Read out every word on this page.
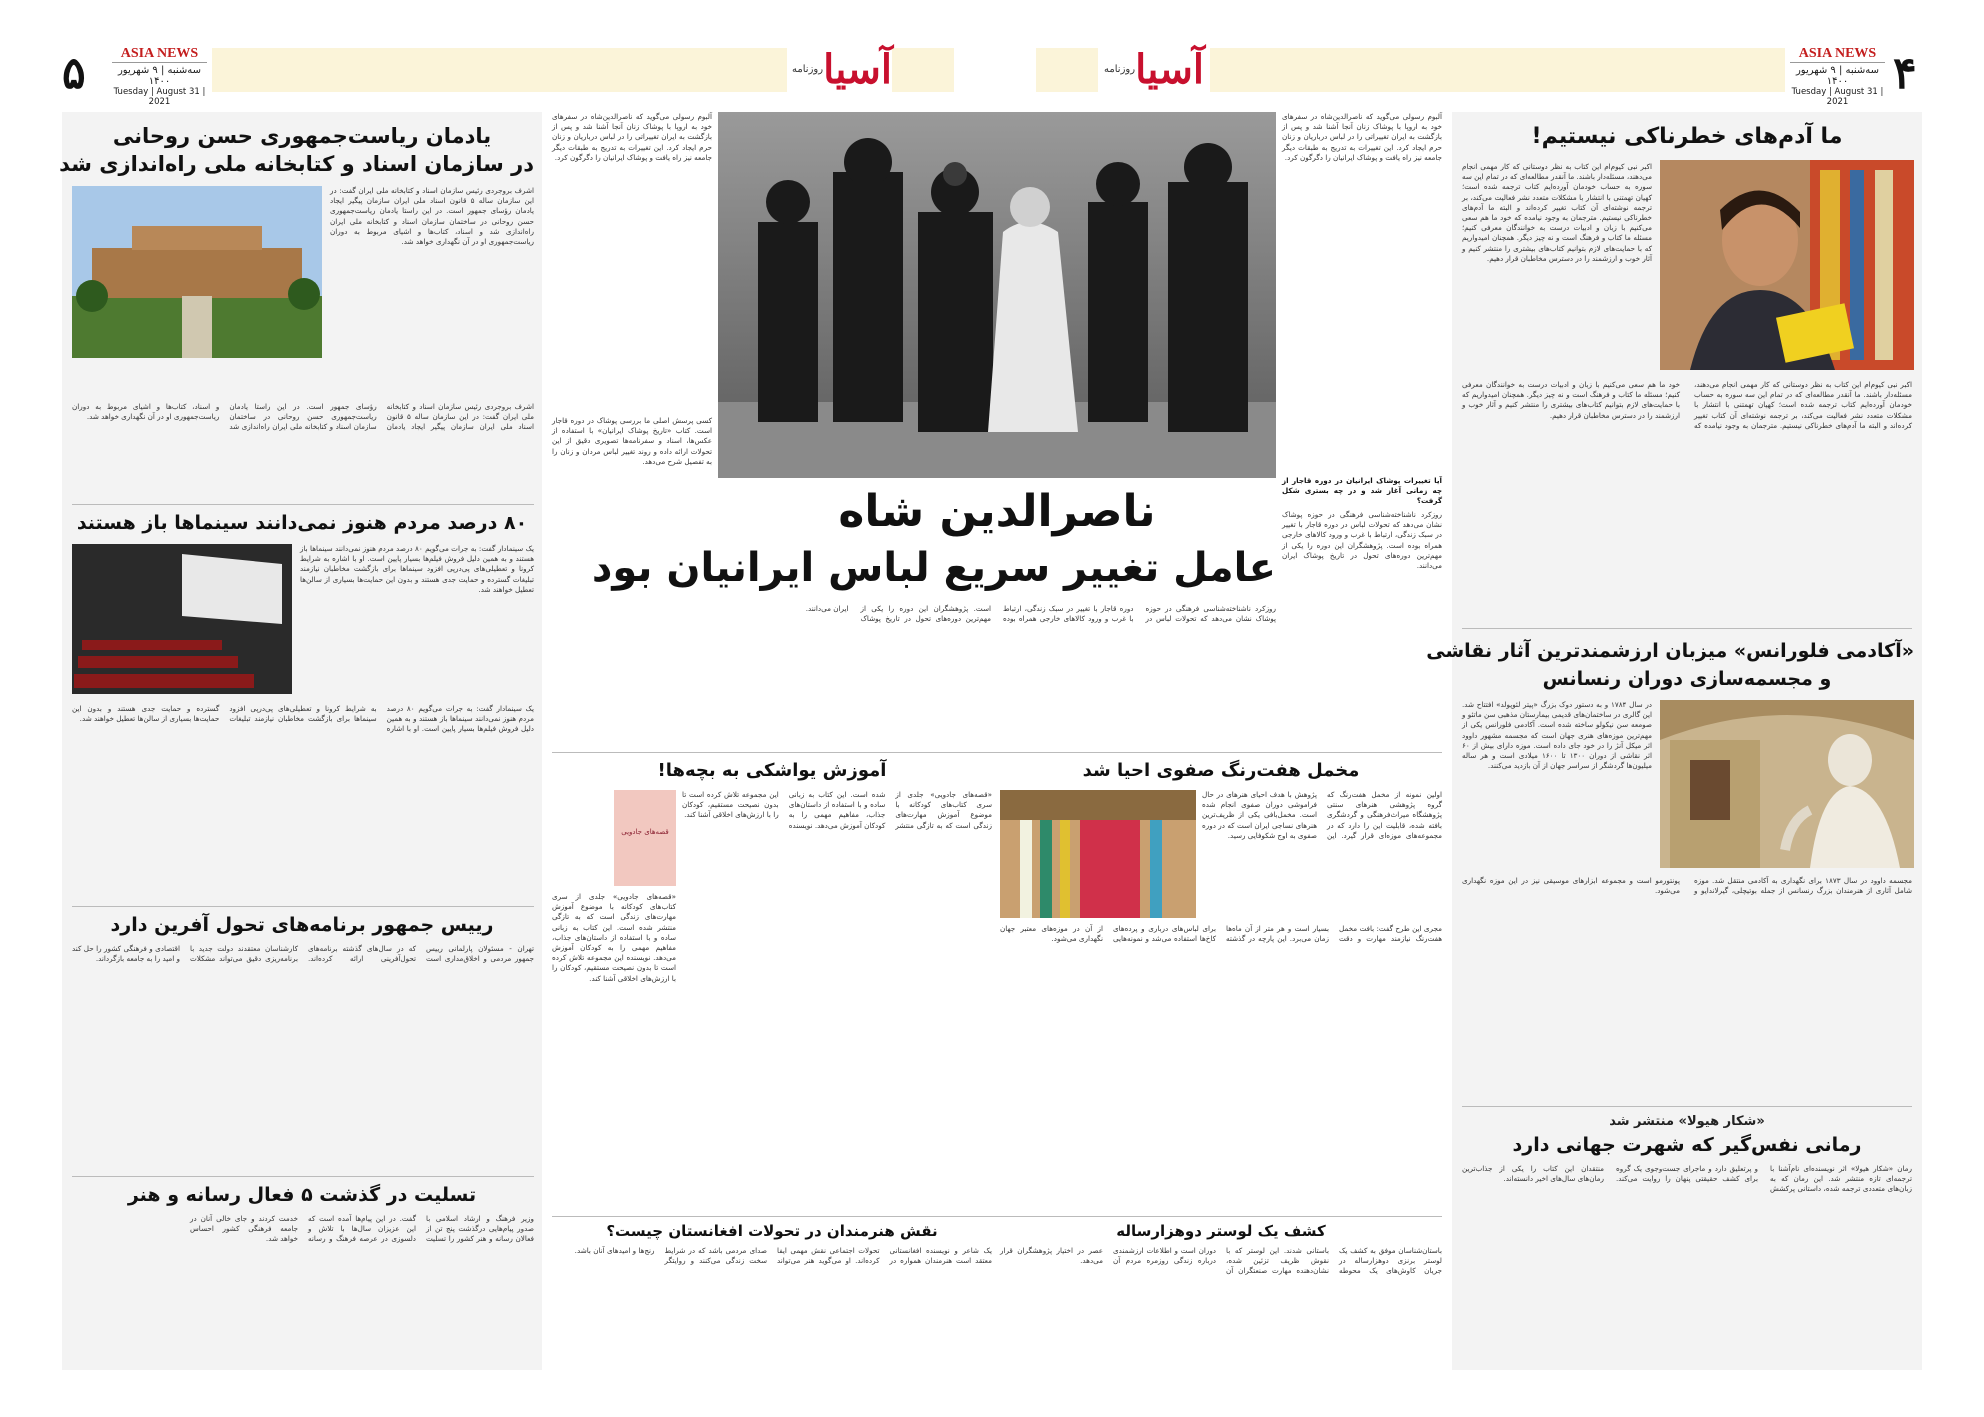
۵	ASIA NEWS
سه‌شنبه | ۹ شهریور ۱۴۰۰
Tuesday | August 31 | 2021
آسیا$^{روزنامه}$	آسیا$^{روزنامه}$
ASIA NEWS
سه‌شنبه | ۹ شهریور ۱۴۰۰
Tuesday | August 31 | 2021
۴
ما آدم‌های خطرناکی نیستیم!
اکبر نبی کیوم‌ام این کتاب به نظر دوستانی که کار مهمی انجام می‌دهند، مسئله‌دار باشند. ما آنقدر مطالعه‌ای که در تمام این سه سوره به حساب خودمان آورده‌ایم کتاب ترجمه شده است؛ کهیان تهمتنی با انتشار با مشکلات متعدد نشر فعالیت می‌کند، بر ترجمه نوشته‌ای آن کتاب تغییر کرده‌اند و البته ما آدم‌های خطرناکی نیستیم. مترجمان به وجود نیامده که خود ما هم سعی می‌کنیم با زبان و ادبیات درست به خوانندگان معرفی کنیم؛ مسئله ما کتاب و فرهنگ است و نه چیز دیگر. همچنان امیدواریم که با حمایت‌های لازم بتوانیم کتاب‌های بیشتری را منتشر کنیم و آثار خوب و ارزشمند را در دسترس مخاطبان قرار دهیم.
اکبر نبی کیوم‌ام این کتاب به نظر دوستانی که کار مهمی انجام می‌دهند، مسئله‌دار باشند. ما آنقدر مطالعه‌ای که در تمام این سه سوره به حساب خودمان آورده‌ایم کتاب ترجمه شده است؛ کهیان تهمتنی با انتشار با مشکلات متعدد نشر فعالیت می‌کند، بر ترجمه نوشته‌ای آن کتاب تغییر کرده‌اند و البته ما آدم‌های خطرناکی نیستیم. مترجمان به وجود نیامده که خود ما هم سعی می‌کنیم با زبان و ادبیات درست به خوانندگان معرفی کنیم؛ مسئله ما کتاب و فرهنگ است و نه چیز دیگر. همچنان امیدواریم که با حمایت‌های لازم بتوانیم کتاب‌های بیشتری را منتشر کنیم و آثار خوب و ارزشمند را در دسترس مخاطبان قرار دهیم.
«آکادمی فلورانس» میزبان ارزشمندترین آثار نقاشی
و مجسمه‌سازی دوران رنسانس
در سال ۱۷۸۴ و به دستور دوک بزرگ «پیتر لئوپولد» افتتاح شد. این گالری در ساختمان‌های قدیمی بیمارستان مذهبی سن ماتئو و صومعه سن نیکولو ساخته شده است. آکادمی فلورانس یکی از مهم‌ترین موزه‌های هنری جهان است که مجسمه مشهور داوود اثر میکل آنژ را در خود جای داده است. موزه دارای بیش از ۶۰ اثر نقاشی از دوران ۱۳۰۰ تا ۱۶۰۰ میلادی است و هر ساله میلیون‌ها گردشگر از سراسر جهان از آن بازدید می‌کنند.
مجسمه داوود در سال ۱۸۷۳ برای نگهداری به آکادمی منتقل شد. موزه شامل آثاری از هنرمندان بزرگ رنسانس از جمله بوتیچلی، گیرلاندایو و پونتورمو است و مجموعه ابزارهای موسیقی نیز در این موزه نگهداری می‌شود.
«شکار هیولا» منتشر شد
رمانی نفس‌گیر که شهرت جهانی دارد
رمان «شکار هیولا» اثر نویسنده‌ای نام‌آشنا با ترجمه‌ای تازه منتشر شد. این رمان که به زبان‌های متعددی ترجمه شده، داستانی پرکشش و پرتعلیق دارد و ماجرای جست‌وجوی یک گروه برای کشف حقیقتی پنهان را روایت می‌کند. منتقدان این کتاب را یکی از جذاب‌ترین رمان‌های سال‌های اخیر دانسته‌اند.
آلبوم رسولی می‌گوید که ناصرالدین‌شاه در سفرهای خود به اروپا با پوشاک زنان آنجا آشنا شد و پس از بازگشت به ایران تغییراتی را در لباس درباریان و زنان حرم ایجاد کرد. این تغییرات به تدریج به طبقات دیگر جامعه نیز راه یافت و پوشاک ایرانیان را دگرگون کرد.
آیا تغییرات پوشاک ایرانیان در دوره قاجار از چه زمانی آغاز شد و در چه بستری شکل گرفت؟
روزکرد ناشناخته‌شناسی فرهنگی در حوزه پوشاک نشان می‌دهد که تحولات لباس در دوره قاجار با تغییر در سبک زندگی، ارتباط با غرب و ورود کالاهای خارجی همراه بوده است. پژوهشگران این دوره را یکی از مهم‌ترین دوره‌های تحول در تاریخ پوشاک ایران می‌دانند.
آلبوم رسولی می‌گوید که ناصرالدین‌شاه در سفرهای خود به اروپا با پوشاک زنان آنجا آشنا شد و پس از بازگشت به ایران تغییراتی را در لباس درباریان و زنان حرم ایجاد کرد. این تغییرات به تدریج به طبقات دیگر جامعه نیز راه یافت و پوشاک ایرانیان را دگرگون کرد.
کسی پرسش اصلی ما بررسی پوشاک در دوره قاجار است. کتاب «تاریخ پوشاک ایرانیان» با استفاده از عکس‌ها، اسناد و سفرنامه‌ها تصویری دقیق از این تحولات ارائه داده و روند تغییر لباس مردان و زنان را به تفصیل شرح می‌دهد.
ناصرالدین شاه
عامل تغییر سریع لباس ایرانیان بود
روزکرد ناشناخته‌شناسی فرهنگی در حوزه پوشاک نشان می‌دهد که تحولات لباس در دوره قاجار با تغییر در سبک زندگی، ارتباط با غرب و ورود کالاهای خارجی همراه بوده است. پژوهشگران این دوره را یکی از مهم‌ترین دوره‌های تحول در تاریخ پوشاک ایران می‌دانند.
مخمل هفت‌رنگ صفوی احیا شد
اولین نمونه از مخمل هفت‌رنگ که گروه پژوهشی هنرهای سنتی پژوهشگاه میراث‌فرهنگی و گردشگری بافته شده، قابلیت این را دارد که در مجموعه‌های موزه‌ای قرار گیرد. این پژوهش با هدف احیای هنرهای در حال فراموشی دوران صفوی انجام شده است. مخمل‌بافی یکی از ظریف‌ترین هنرهای نساجی ایران است که در دوره صفوی به اوج شکوفایی رسید.
مجری این طرح گفت: بافت مخمل هفت‌رنگ نیازمند مهارت و دقت بسیار است و هر متر از آن ماه‌ها زمان می‌برد. این پارچه در گذشته برای لباس‌های درباری و پرده‌های کاخ‌ها استفاده می‌شد و نمونه‌هایی از آن در موزه‌های معتبر جهان نگهداری می‌شود.
آموزش یواشکی به بچه‌ها!
قصه‌های جادویی
«قصه‌های جادویی» جلدی از سری کتاب‌های کودکانه با موضوع آموزش مهارت‌های زندگی است که به تازگی منتشر شده است. این کتاب به زبانی ساده و با استفاده از داستان‌های جذاب، مفاهیم مهمی را به کودکان آموزش می‌دهد. نویسنده این مجموعه تلاش کرده است تا بدون نصیحت مستقیم، کودکان را با ارزش‌های اخلاقی آشنا کند.
«قصه‌های جادویی» جلدی از سری کتاب‌های کودکانه با موضوع آموزش مهارت‌های زندگی است که به تازگی منتشر شده است. این کتاب به زبانی ساده و با استفاده از داستان‌های جذاب، مفاهیم مهمی را به کودکان آموزش می‌دهد. نویسنده این مجموعه تلاش کرده است تا بدون نصیحت مستقیم، کودکان را با ارزش‌های اخلاقی آشنا کند.
کشف یک لوستر دوهزارساله
باستان‌شناسان موفق به کشف یک لوستر برنزی دوهزارساله در جریان کاوش‌های یک محوطه باستانی شدند. این لوستر که با نقوش ظریف تزئین شده، نشان‌دهنده مهارت صنعتگران آن دوران است و اطلاعات ارزشمندی درباره زندگی روزمره مردم آن عصر در اختیار پژوهشگران قرار می‌دهد.
نقش هنرمندان در تحولات افغانستان چیست؟
یک شاعر و نویسنده افغانستانی معتقد است هنرمندان همواره در تحولات اجتماعی نقش مهمی ایفا کرده‌اند. او می‌گوید هنر می‌تواند صدای مردمی باشد که در شرایط سخت زندگی می‌کنند و روایتگر رنج‌ها و امیدهای آنان باشد.
یادمان ریاست‌جمهوری حسن روحانی
در سازمان اسناد و کتابخانه ملی راه‌اندازی شد
اشرف بروجردی رئیس سازمان اسناد و کتابخانه ملی ایران گفت: در این سازمان ساله ۵ قانون اسناد ملی ایران سازمان پیگیر ایجاد یادمان رؤسای جمهور است. در این راستا یادمان ریاست‌جمهوری حسن روحانی در ساختمان سازمان اسناد و کتابخانه ملی ایران راه‌اندازی شد و اسناد، کتاب‌ها و اشیای مربوط به دوران ریاست‌جمهوری او در آن نگهداری خواهد شد.
اشرف بروجردی رئیس سازمان اسناد و کتابخانه ملی ایران گفت: در این سازمان ساله ۵ قانون اسناد ملی ایران سازمان پیگیر ایجاد یادمان رؤسای جمهور است. در این راستا یادمان ریاست‌جمهوری حسن روحانی در ساختمان سازمان اسناد و کتابخانه ملی ایران راه‌اندازی شد و اسناد، کتاب‌ها و اشیای مربوط به دوران ریاست‌جمهوری او در آن نگهداری خواهد شد.
۸۰ درصد مردم هنوز نمی‌دانند سینماها باز هستند
یک سینمادار گفت: به جرات می‌گویم ۸۰ درصد مردم هنوز نمی‌دانند سینماها باز هستند و به همین دلیل فروش فیلم‌ها بسیار پایین است. او با اشاره به شرایط کرونا و تعطیلی‌های پی‌درپی افزود سینماها برای بازگشت مخاطبان نیازمند تبلیغات گسترده و حمایت جدی هستند و بدون این حمایت‌ها بسیاری از سالن‌ها تعطیل خواهند شد.
یک سینمادار گفت: به جرات می‌گویم ۸۰ درصد مردم هنوز نمی‌دانند سینماها باز هستند و به همین دلیل فروش فیلم‌ها بسیار پایین است. او با اشاره به شرایط کرونا و تعطیلی‌های پی‌درپی افزود سینماها برای بازگشت مخاطبان نیازمند تبلیغات گسترده و حمایت جدی هستند و بدون این حمایت‌ها بسیاری از سالن‌ها تعطیل خواهند شد.
رییس جمهور برنامه‌های تحول آفرین دارد
تهران - مسئولان پارلمانی رییس جمهور مردمی و اخلاق‌مداری است که در سال‌های گذشته برنامه‌های تحول‌آفرینی ارائه کرده‌اند. کارشناسان معتقدند دولت جدید با برنامه‌ریزی دقیق می‌تواند مشکلات اقتصادی و فرهنگی کشور را حل کند و امید را به جامعه بازگرداند.
تسلیت در گذشت ۵ فعال رسانه و هنر
وزیر فرهنگ و ارشاد اسلامی با صدور پیام‌هایی درگذشت پنج تن از فعالان رسانه و هنر کشور را تسلیت گفت. در این پیام‌ها آمده است که این عزیزان سال‌ها با تلاش و دلسوزی در عرصه فرهنگ و رسانه خدمت کردند و جای خالی آنان در جامعه فرهنگی کشور احساس خواهد شد.
